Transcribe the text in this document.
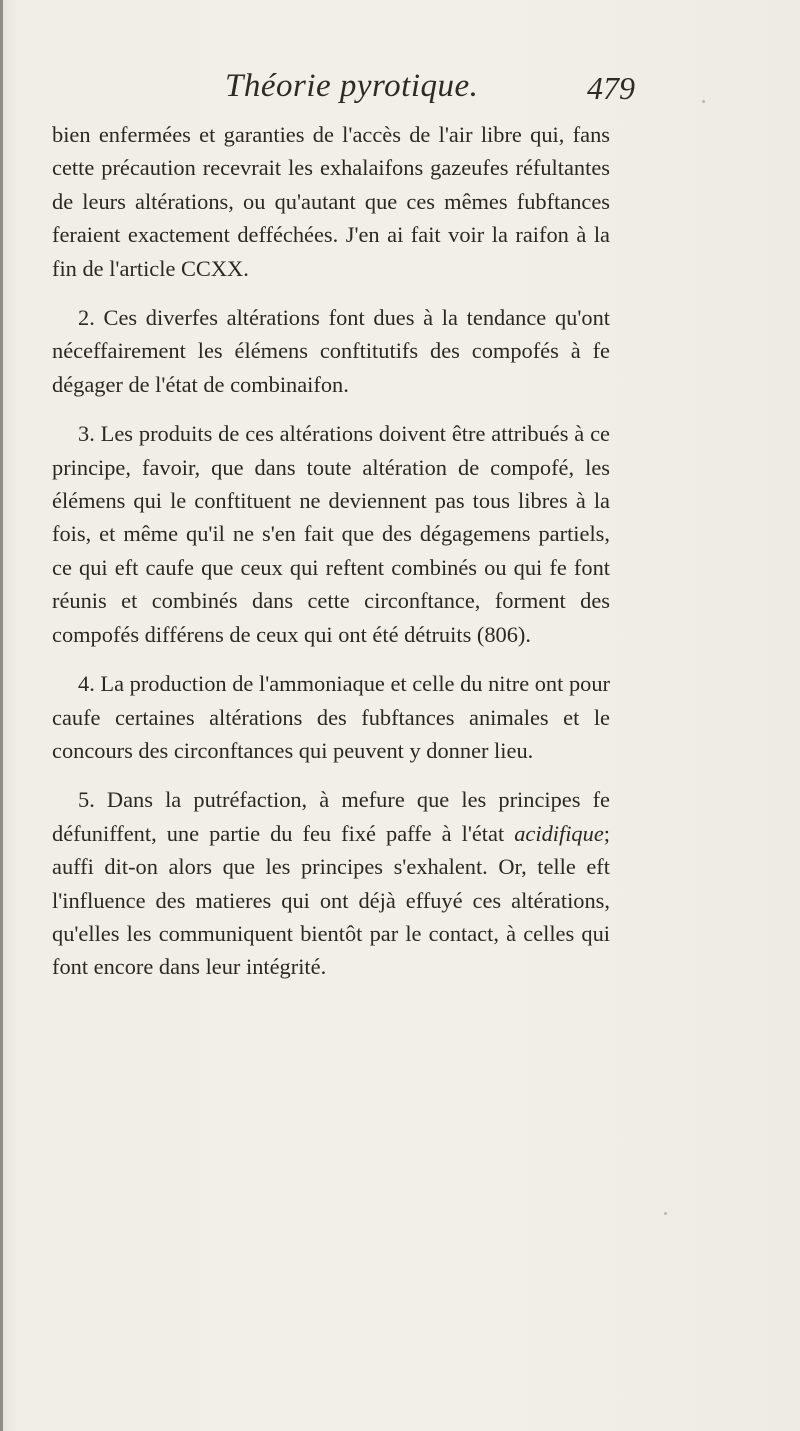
Théorie pyrotique.	479

bien enfermées et garanties de l'accès de l'air libre qui, fans cette précaution recevrait les exhalaifons gazeufes réfultantes de leurs altérations, ou qu'autant que ces mêmes fubftances feraient exactement defféchées. J'en ai fait voir la raifon à la fin de l'article CCXX.

2. Ces diverfes altérations font dues à la tendance qu'ont néceffairement les élémens conftitutifs des compofés à fe dégager de l'état de combinaifon.

3. Les produits de ces altérations doivent être attribués à ce principe, favoir, que dans toute altération de compofé, les élémens qui le conftituent ne deviennent pas tous libres à la fois, et même qu'il ne s'en fait que des dégagemens partiels, ce qui eft caufe que ceux qui reftent combinés ou qui fe font réunis et combinés dans cette circonftance, forment des compofés différens de ceux qui ont été détruits (806).

4. La production de l'ammoniaque et celle du nitre ont pour caufe certaines altérations des fubftances animales et le concours des circonftances qui peuvent y donner lieu.

5. Dans la putréfaction, à mefure que les principes fe défuniffent, une partie du feu fixé paffe à l'état acidifique; auffi dit-on alors que les principes s'exhalent. Or, telle eft l'influence des matieres qui ont déjà effuyé ces altérations, qu'elles les communiquent bientôt par le contact, à celles qui font encore dans leur intégrité.
